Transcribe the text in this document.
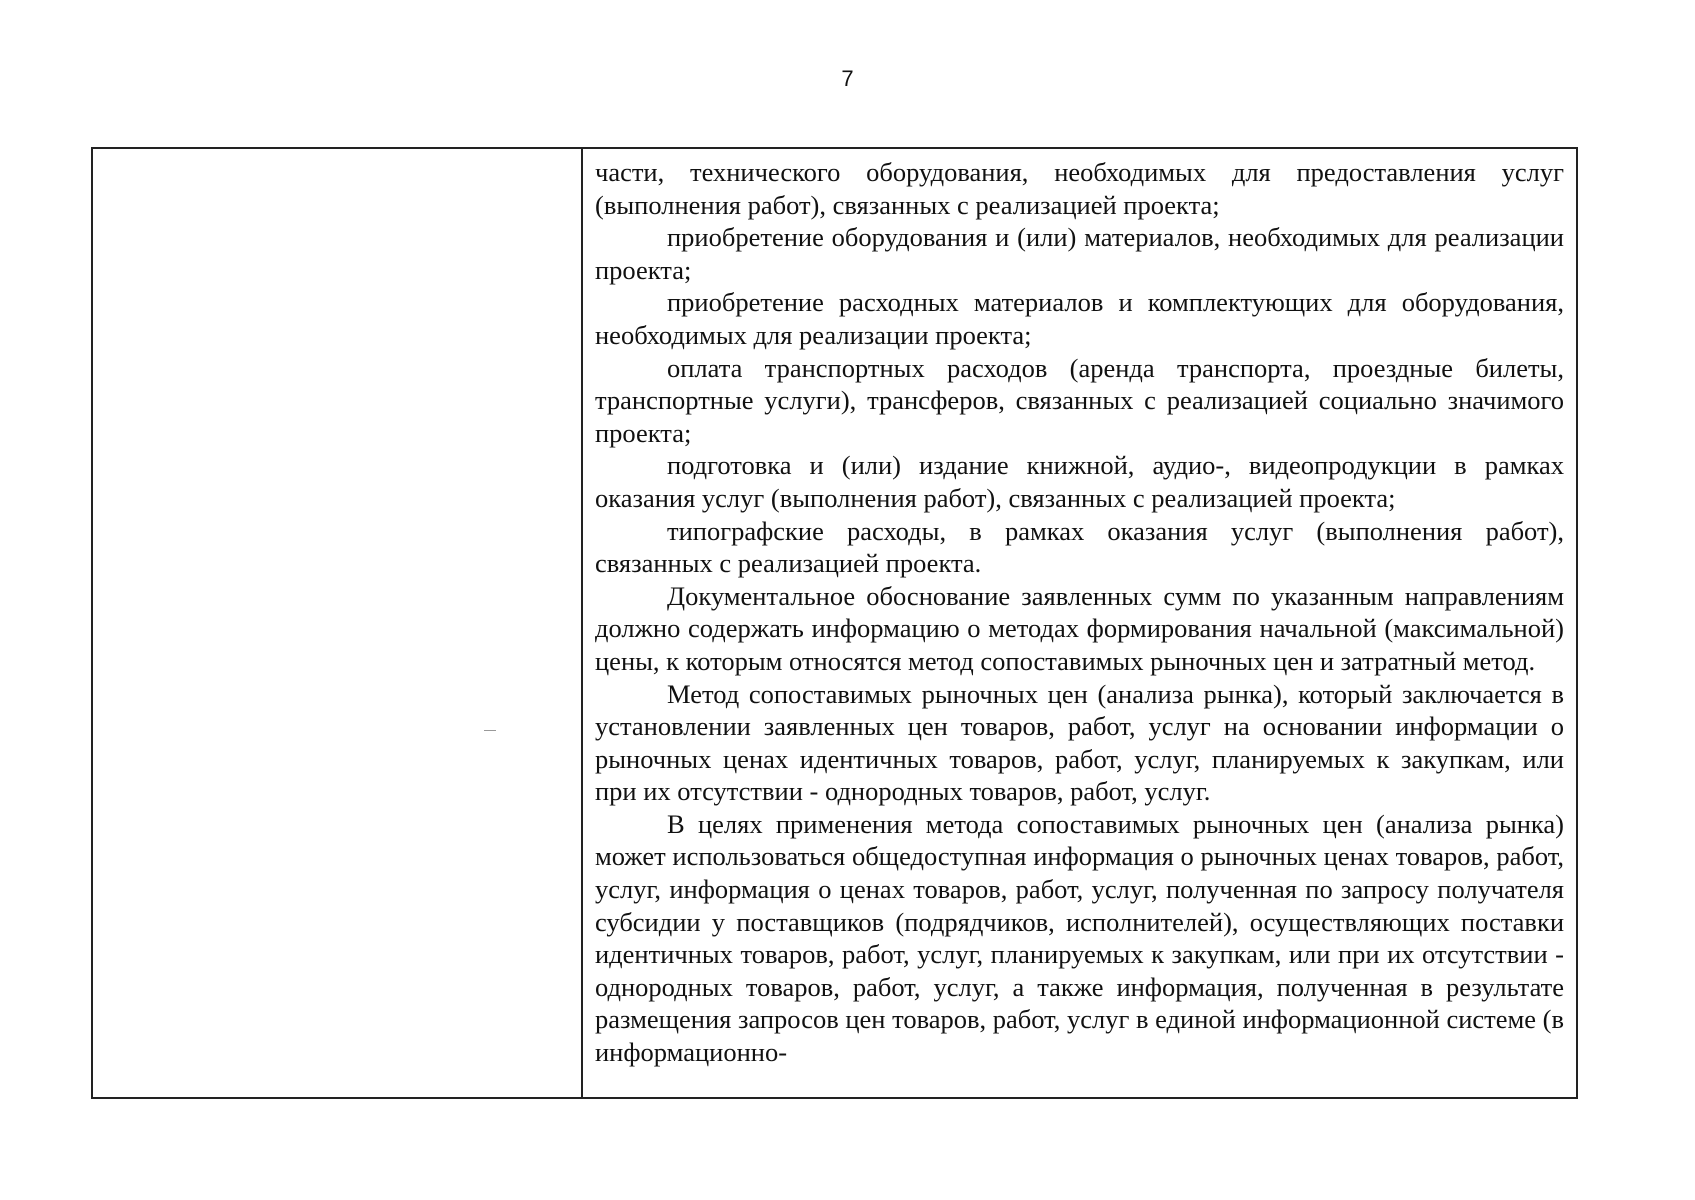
7

части, технического оборудования, необходимых для предоставления услуг (выполнения работ), связанных с реализацией проекта;

приобретение оборудования и (или) материалов, необходимых для реализации проекта;

приобретение расходных материалов и комплектующих для оборудования, необходимых для реализации проекта;

оплата транспортных расходов (аренда транспорта, проездные билеты, транспортные услуги), трансферов, связанных с реализацией социально значимого проекта;

подготовка и (или) издание книжной, аудио-, видеопродукции в рамках оказания услуг (выполнения работ), связанных с реализацией проекта;

типографские расходы, в рамках оказания услуг (выполнения работ), связанных с реализацией проекта.

Документальное обоснование заявленных сумм по указанным направлениям должно содержать информацию о методах формирования начальной (максимальной) цены, к которым относятся метод сопоставимых рыночных цен и затратный метод.

Метод сопоставимых рыночных цен (анализа рынка), который заключается в установлении заявленных цен товаров, работ, услуг на основании информации о рыночных ценах идентичных товаров, работ, услуг, планируемых к закупкам, или при их отсутствии - однородных товаров, работ, услуг.

В целях применения метода сопоставимых рыночных цен (анализа рынка) может использоваться общедоступная информация о рыночных ценах товаров, работ, услуг, информация о ценах товаров, работ, услуг, полученная по запросу получателя субсидии у поставщиков (подрядчиков, исполнителей), осуществляющих поставки идентичных товаров, работ, услуг, планируемых к закупкам, или при их отсутствии - однородных товаров, работ, услуг, а также информация, полученная в результате размещения запросов цен товаров, работ, услуг в единой информационной системе (в информационно-
